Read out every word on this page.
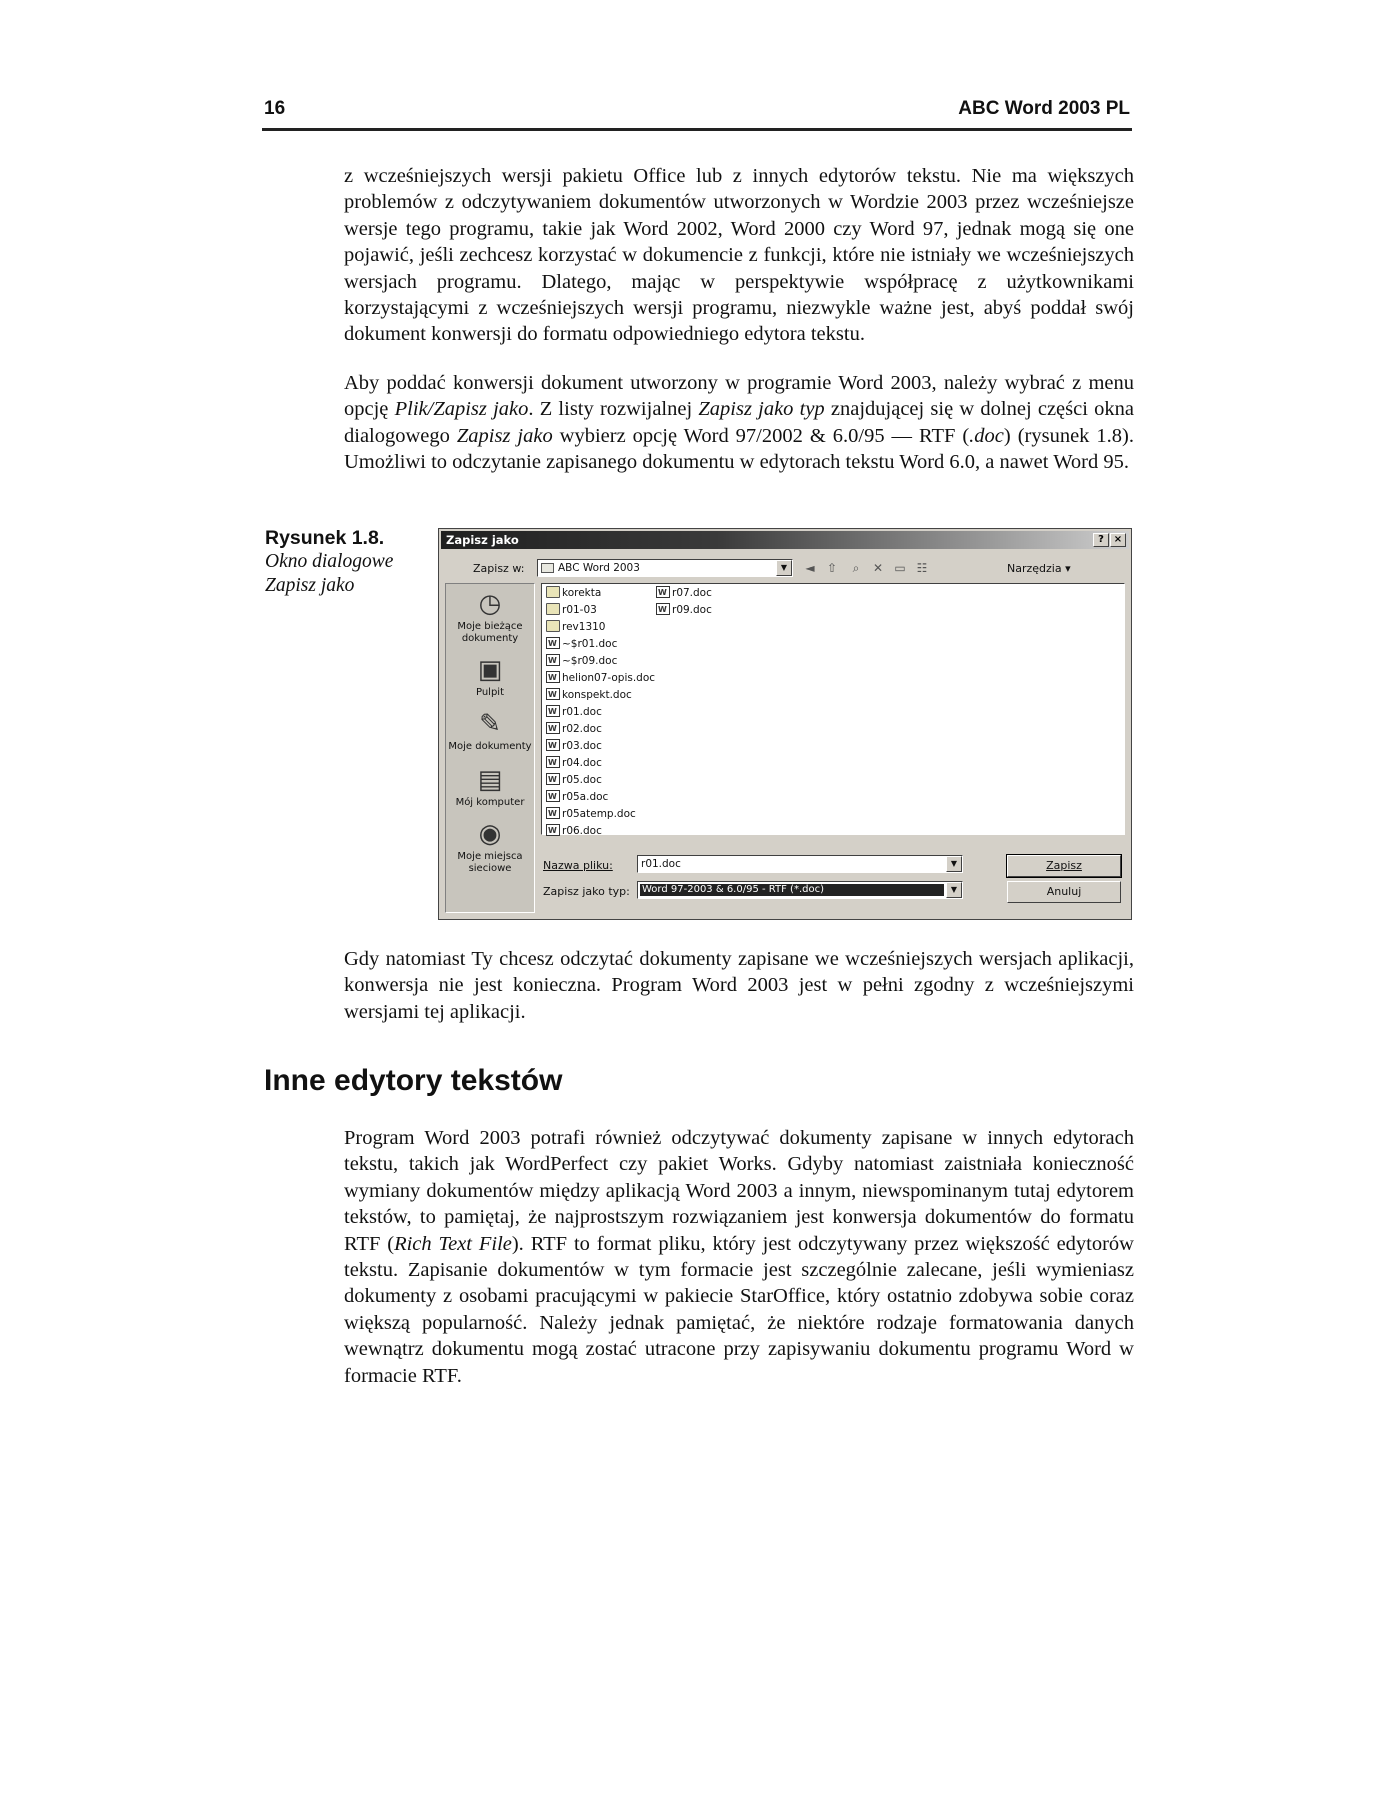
16	ABC Word 2003 PL

z wcześniejszych wersji pakietu Office lub z innych edytorów tekstu. Nie ma większych problemów z odczytywaniem dokumentów utworzonych w Wordzie 2003 przez wcześniejsze wersje tego programu, takie jak Word 2002, Word 2000 czy Word 97, jednak mogą się one pojawić, jeśli zechcesz korzystać w dokumencie z funkcji, które nie istniały we wcześniejszych wersjach programu. Dlatego, mając w perspektywie współpracę z użytkownikami korzystającymi z wcześniejszych wersji programu, niezwykle ważne jest, abyś poddał swój dokument konwersji do formatu odpowiedniego edytora tekstu.

Aby poddać konwersji dokument utworzony w programie Word 2003, należy wybrać z menu opcję Plik/Zapisz jako. Z listy rozwijalnej Zapisz jako typ znajdującej się w dolnej części okna dialogowego Zapisz jako wybierz opcję Word 97/2002 & 6.0/95 — RTF (.doc) (rysunek 1.8). Umożliwi to odczytanie zapisanego dokumentu w edytorach tekstu Word 6.0, a nawet Word 95.

Rysunek 1.8.
Okno dialogowe
Zapisz jako
Zapisz jako	? ×
Zapisz w:	ABC Word 2003	▼	◄	⇧	⌕	✕ ▭ ☷	Narzędzia ▾
◷
Moje bieżące
dokumenty
▣
Pulpit
✎
Moje dokumenty
▤
Mój komputer
◉
Moje miejsca
sieciowe
korekta
r01-03
rev1310
W~$r01.doc
W~$r09.doc
Whelion07-opis.doc
Wkonspekt.doc
Wr01.doc
Wr02.doc
Wr03.doc
Wr04.doc
Wr05.doc
Wr05a.doc
Wr05atemp.doc
Wr06.doc
Wr07.doc
Wr09.doc
Nazwa pliku:	r01.doc	▼
Zapisz jako typ: Word 97-2003 & 6.0/95 - RTF (*.doc)	▼
Zapisz
Anuluj

Gdy natomiast Ty chcesz odczytać dokumenty zapisane we wcześniejszych wersjach aplikacji, konwersja nie jest konieczna. Program Word 2003 jest w pełni zgodny z wcześniejszymi wersjami tej aplikacji.

Inne edytory tekstów

Program Word 2003 potrafi również odczytywać dokumenty zapisane w innych edytorach tekstu, takich jak WordPerfect czy pakiet Works. Gdyby natomiast zaistniała konieczność wymiany dokumentów między aplikacją Word 2003 a innym, niewspominanym tutaj edytorem tekstów, to pamiętaj, że najprostszym rozwiązaniem jest konwersja dokumentów do formatu RTF (Rich Text File). RTF to format pliku, który jest odczytywany przez większość edytorów tekstu. Zapisanie dokumentów w tym formacie jest szczególnie zalecane, jeśli wymieniasz dokumenty z osobami pracującymi w pakiecie StarOffice, który ostatnio zdobywa sobie coraz większą popularność. Należy jednak pamiętać, że niektóre rodzaje formatowania danych wewnątrz dokumentu mogą zostać utracone przy zapisywaniu dokumentu programu Word w formacie RTF.
